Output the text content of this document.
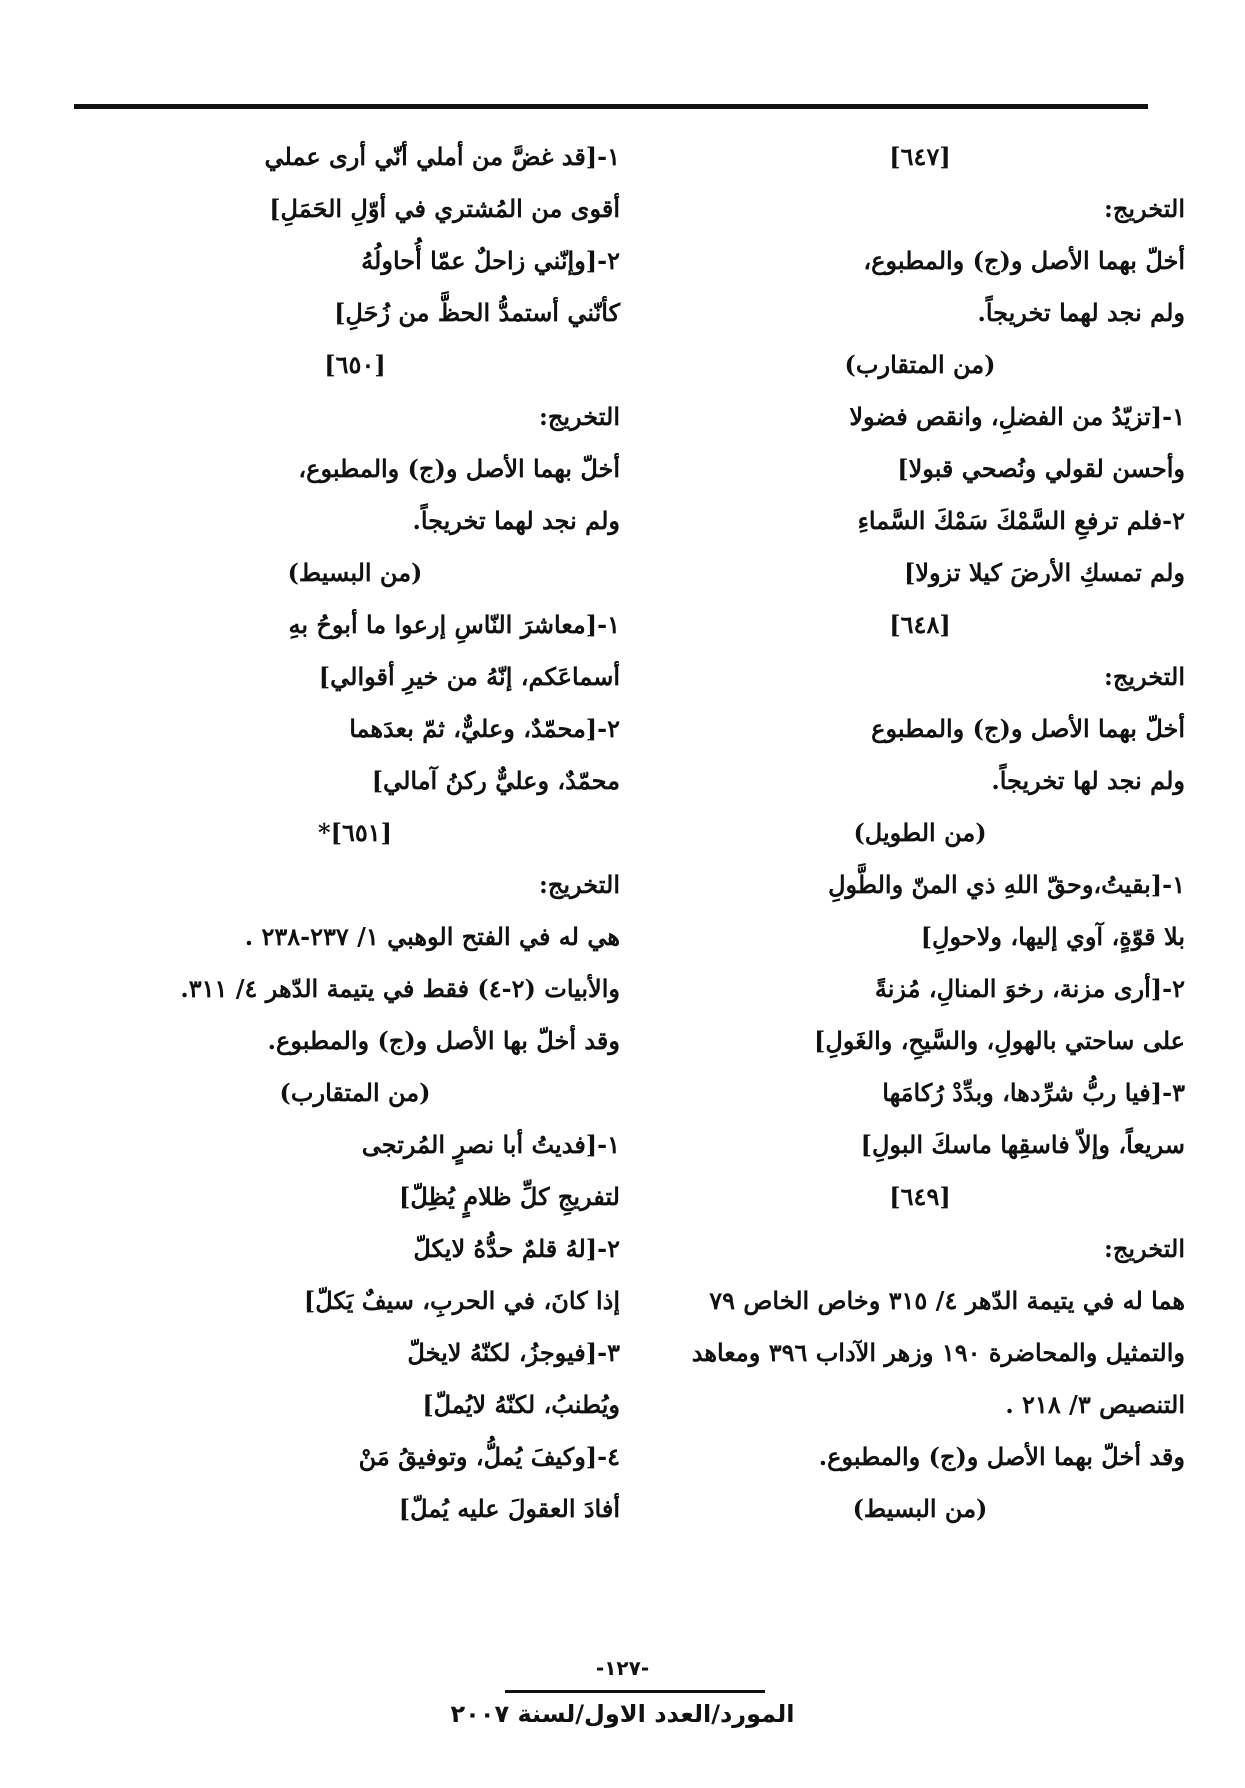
[٦٤٧]
التخريج:
أخلّ بهما الأصل و(ج) والمطبوع،
ولم نجد لهما تخريجاً.
(من المتقارب)
١-[تزيّدُ من الفضلِ، وانقص فضولا
وأحسن لقولي ونُصحي قبولا]
٢-فلم ترفعِ السَّمْكَ سَمْكَ السَّماءِ
ولم تمسكِ الأرضَ كيلا تزولا]
[٦٤٨]
التخريج:
أخلّ بهما الأصل و(ج) والمطبوع
ولم نجد لها تخريجاً.
(من الطويل)
١-[بقيتُ،وحقّ اللهِ ذي المنّ والطَّولِ
بلا قوّةٍ، آوي إليها، ولاحولِ]
٢-[أرى مزنة، رخوَ المنالِ، مُزنةً
على ساحتي بالهولِ، والسَّيحِ، والغَولِ]
٣-[فيا ربُّ شرِّدها، وبدِّدْ رُكامَها
سريعاً، وإلاّ فاسقِها ماسكَ البولِ]
[٦٤٩]
التخريج:
هما له في يتيمة الدّهر ٤/ ٣١٥ وخاص الخاص ٧٩
والتمثيل والمحاضرة ١٩٠ وزهر الآداب ٣٩٦ ومعاهد
التنصيص ٣/ ٢١٨ .
وقد أخلّ بهما الأصل و(ج) والمطبوع.
(من البسيط)
١-[قد غضَّ من أملي أنّي أرى عملي
أقوى من المُشتري في أوّلِ الحَمَلِ]
٢-[وإنّني زاحلٌ عمّا أُحاولُهُ
كأنّني أستمدُّ الحظَّ من زُحَلِ]
[٦٥٠]
التخريج:
أخلّ بهما الأصل و(ج) والمطبوع،
ولم نجد لهما تخريجاً.
(من البسيط)
١-[معاشرَ النّاسِ إرعوا ما أبوحُ بهِ
أسماعَكم، إنّهُ من خيرِ أقوالي]
٢-[محمّدٌ، وعليٌّ، ثمّ بعدَهما
محمّدٌ، وعليٌّ ركنُ آمالي]
[٦٥١]*
التخريج:
هي له في الفتح الوهبي ١/ ٢٣٧-٢٣٨ .
والأبيات (٢-٤) فقط في يتيمة الدّهر ٤/ ٣١١.
وقد أخلّ بها الأصل و(ج) والمطبوع.
(من المتقارب)
١-[فديتُ أبا نصرٍ المُرتجى
لتفريجِ كلِّ ظلامٍ يُظِلّ]
٢-[لهُ قلمٌ حدُّهُ لايكلّ
إذا كانَ، في الحربِ، سيفٌ يَكلّ]
٣-[فيوجزُ، لكنّهُ لايخلّ
ويُطنبُ، لكنّهُ لايُملّ]
٤-[وكيفَ يُملُّ، وتوفيقُ مَنْ
أفادَ العقولَ عليه يُملّ]
-١٢٧-
المورد/العدد الاول/لسنة ٢٠٠٧
